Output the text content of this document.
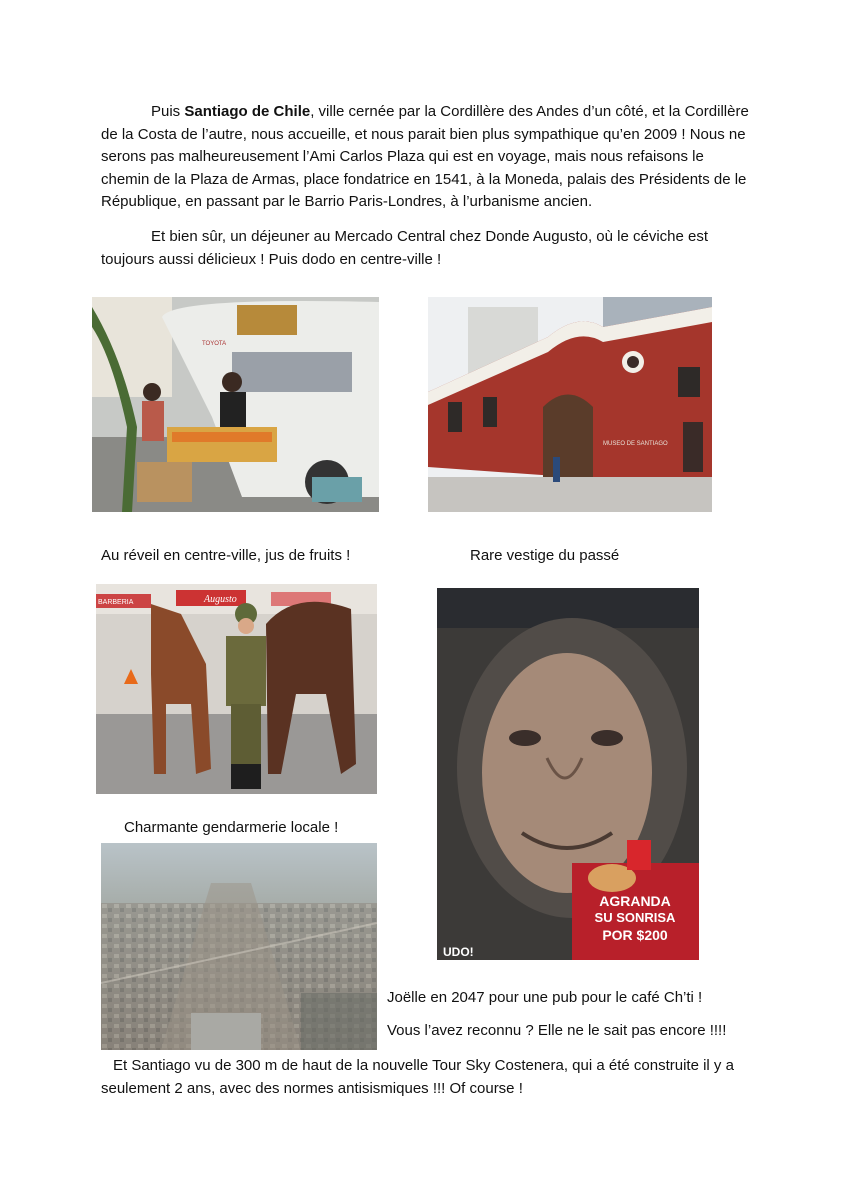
Puis Santiago de Chile, ville cernée par la Cordillère des Andes d’un côté, et la Cordillère de la Costa de l’autre, nous accueille, et nous parait bien plus sympathique qu’en 2009 ! Nous ne serons pas malheureusement l’Ami Carlos Plaza qui est en voyage, mais nous refaisons le chemin de la Plaza de Armas, place fondatrice en 1541, à la Moneda, palais des Présidents de le République, en passant par le Barrio Paris-Londres, à l’urbanisme ancien.

Et bien sûr, un déjeuner au Mercado Central chez Donde Augusto, où le céviche est toujours aussi délicieux ! Puis dodo en centre-ville !

TOYOTA
MUSEO DE SANTIAGO

Au réveil en centre-ville, jus de fruits !	Rare vestige du passé

BARBERIA	Augusto
AGRANDA
SU SONRISA
POR $200
UDO!

Charmante gendarmerie locale !

Joëlle en 2047 pour une pub pour le café Ch’ti !

Vous l’avez reconnu ? Elle ne le sait pas encore !!!!

Et Santiago vu de 300 m de haut de la nouvelle Tour Sky Costenera, qui a été construite il y a seulement 2 ans, avec des normes antisismiques !!! Of course !
